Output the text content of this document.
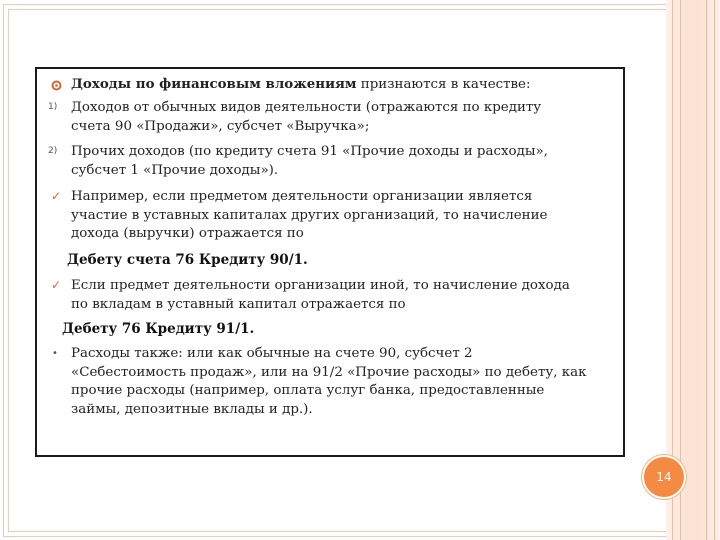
Доходы по финансовым вложениям признаются в качестве:
1) Доходов от обычных видов деятельности (отражаются по кредиту
счета 90 «Продажи», субсчет «Выручка»;
2) Прочих доходов (по кредиту счета 91 «Прочие доходы и расходы»,
субсчет 1 «Прочие доходы»).
✓ Например, если предметом деятельности организации является
участие в уставных капиталах других организаций, то начисление
дохода (выручки) отражается по
Дебету счета 76 Кредиту 90/1.
✓ Если предмет деятельности организации иной, то начисление дохода
по вкладам в уставный капитал отражается по
Дебету 76 Кредиту 91/1.
• Расходы также: или как обычные на счете 90, субсчет 2
«Себестоимость продаж», или на 91/2 «Прочие расходы» по дебету, как
прочие расходы (например, оплата услуг банка, предоставленные
займы, депозитные вклады и др.).
14
